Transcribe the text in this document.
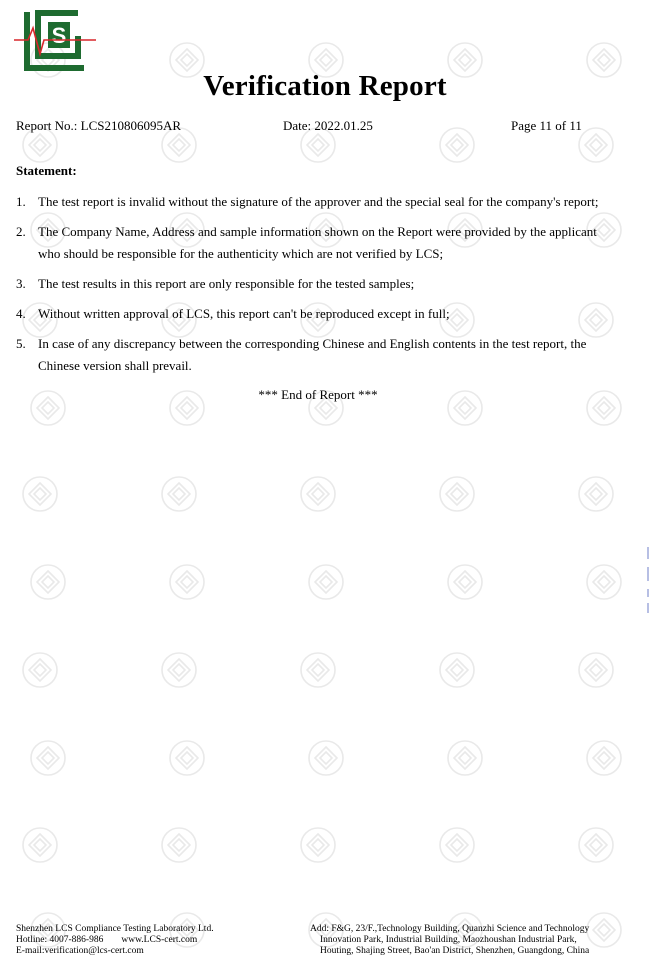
S
Verification Report
Report No.: LCS210806095AR	Date: 2022.01.25	Page 11 of 11
Statement:
1. The test report is invalid without the signature of the approver and the special seal for the company's report;
2. The Company Name, Address and sample information shown on the Report were provided by the applicant who should be responsible for the authenticity which are not verified by LCS;
3. The test results in this report are only responsible for the tested samples;
4. Without written approval of LCS, this report can't be reproduced except in full;
5. In case of any discrepancy between the corresponding Chinese and English contents in the test report, the Chinese version shall prevail.
*** End of Report ***
Shenzhen LCS Compliance Testing Laboratory Ltd.
Hotline: 4007-886-986 www.LCS-cert.com
E-mail:verification@lcs-cert.com
Add: F&G, 23/F.,Technology Building, Quanzhi Science and Technology
Innovation Park, Industrial Building, Maozhoushan Industrial Park,
Houting, Shajing Street, Bao'an District, Shenzhen, Guangdong, China
